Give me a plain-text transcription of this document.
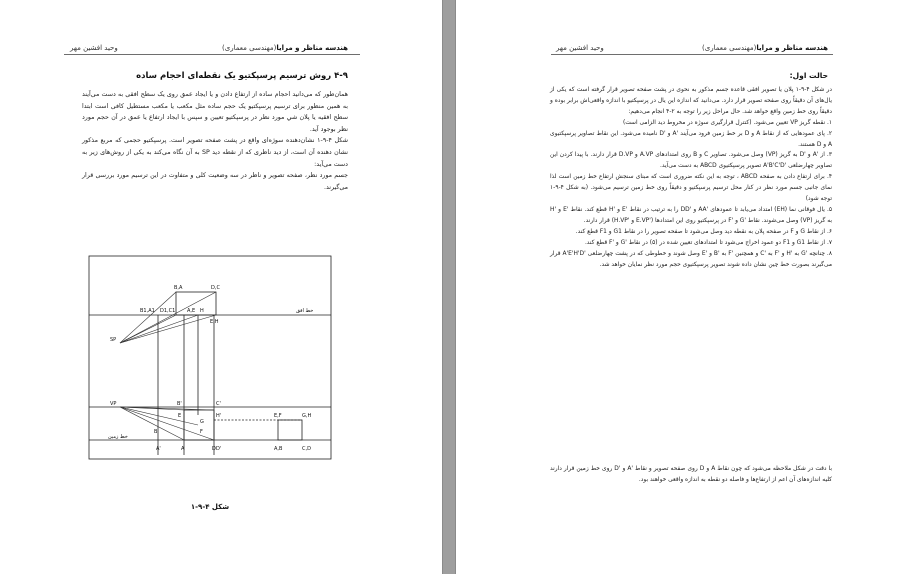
هندسه مناظر و مرایا(مهندسی معماری)
وحید افشین مهر
۴-۹ روش ترسیم پرسپکتیو یک نقطه‌ای احجام ساده

همان‌طور که می‌دانید احجام ساده از ارتفاع دادن و یا ایجاد عمق روی یک سطح افقی به دست می‌آیند به همین منظور برای ترسیم پرسپکتیو یک حجم ساده مثل مکعب یا مکعب مستطیل کافی است ابتدا سطح افقیه یا پلان شیِ مورد نظر در پرسپکتیو تعیین و سپس با ایجاد ارتفاع یا عمق در آن حجم مورد نظر بوجود آید.

شکل ۴-۹-۱ نشان‌دهنده سوژه‌ای واقع در پشت صفحه تصویر است. پرسپکتیو حجمی که مربع مذکور نشان دهنده آن است، از دید ناظری که از نقطه دید SP به آن نگاه می‌کند به یکی از روش‌های زیر به دست می‌آید:

جسم مورد نظر، صفحه تصویر و ناظر در سه وضعیت کلی و متفاوت در این ترسیم مورد بررسی قرار می‌گیرند.

B,A	D,C
B1,A1 D1,C1
E,H
A,E H
SP
خط افق
VP
خط زمین
A'
B'	C'
D'
E	H'
G
F
E,F	G,H
A,B	C,D
A
B
D
شکل ۴-۹-۱
هندسه مناظر و مرایا(مهندسی معماری)
وحید افشین مهر
حالت اول:

در شکل ۴-۹-۱ پلان یا تصویر افقی قاعده جسم مذکور به نحوی در پشت صفحه تصویر قرار گرفته است که یکی از یال‌های آن دقیقاً روی صفحه تصویر قرار دارد. می‌دانید که اندازه این یال در پرسپکتیو با اندازه واقعی‌اش برابر بوده و دقیقاً روی خط زمین واقع خواهد شد. حال مراحل زیر را توجه به ۲-۴ انجام می‌دهیم:

۱. نقطه گریز VP تعیین می‌شود. (کنترل قرارگیری سوژه در مخروط دید الزامی است)

۲. پای عمودهایی که از نقاط A و D بر خط زمین فرود می‌آیند 'A و 'D نامیده می‌شود. این نقاط تصاویر پرسپکتیوی A و D هستند.

۳. از 'A و 'D به گریز (VP) وصل می‌شود. تصاویر C و B روی امتدادهای A.VP و D.VP قرار دارند. با پیدا کردن این تصاویر چهارضلعی 'A'B'C'D تصویر پرسپکتیوی ABCD به دست می‌آید.

۴. برای ارتفاع دادن به صفحه ABCD ، توجه به این نکته ضروری است که مبنای سنجش ارتفاع خط زمین است لذا نمای جانبی جسم مورد نظر در کنار محل ترسیم پرسپکتیو و دقیقاً روی خط زمین ترسیم می‌شود. (به شکل ۴-۹-۱ توجه شود)

۵. یال فوقانی نما (EH) امتداد می‌یابد تا عمودهای 'AA و 'DD را به ترتیب در نقاط 'E و 'H قطع کند. نقاط 'E و 'H به گریز (VP) وصل می‌شوند. نقاط 'G و 'F در پرسپکتیو روی این امتدادها ('E.VP و 'H.VP) قرار دارند.

۶. از نقاط G و F در صفحه پلان به نقطه دید وصل می‌شود تا صفحه تصویر را در نقاط G1 و F1 قطع کند.

۷. از نقاط G1 و F1 دو عمود اخراج می‌شود تا امتدادهای تعیین شده در (۵) در نقاط 'G و 'F قطع کند.

۸. چنانچه 'G به 'H و 'F به 'C و همچنین 'F به 'B و 'E وصل شوند و خطوطی که در پشت چهارضلعی 'A'E'H'D قرار می‌گیرند بصورت خط چین نشان داده شوند تصویر پرسپکتیوی حجم مورد نظر نمایان خواهد شد.

با دقت در شکل ملاحظه می‌شود که چون نقاط A و D روی صفحه تصویر و نقاط 'A و 'D روی خط زمین قرار دارند کلیه اندازه‌های آن اعم از ارتفاع‌ها و فاصله دو نقطه به اندازه واقعی خواهند بود.
